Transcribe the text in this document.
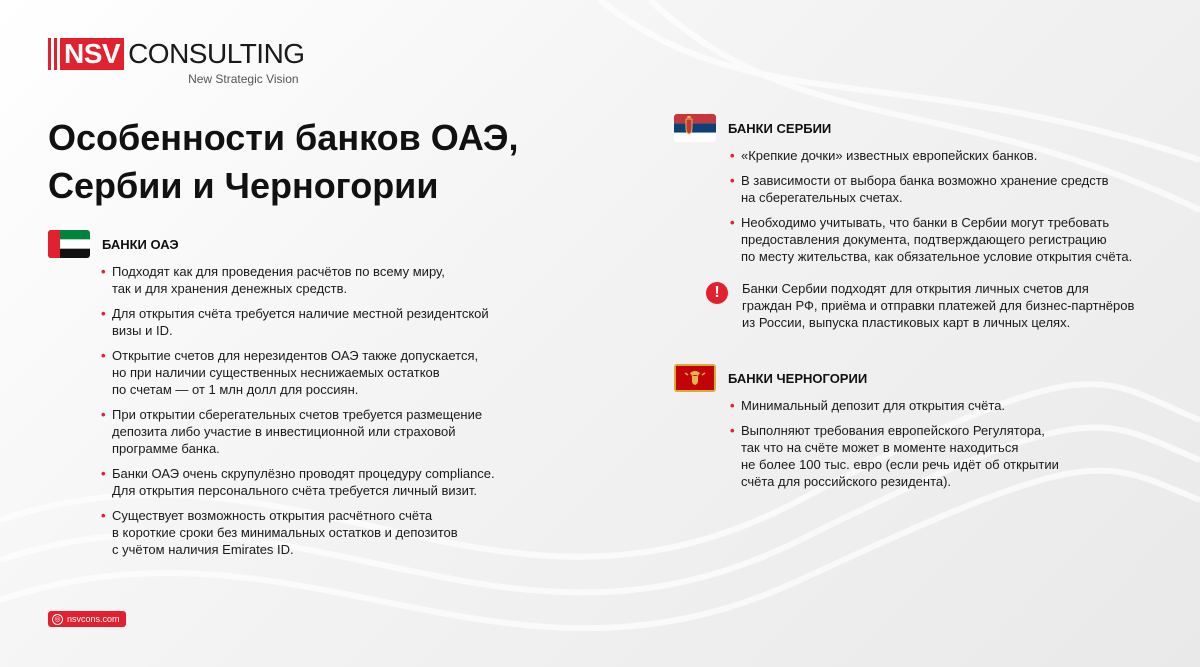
NSV CONSULTING
New Strategic Vision
Особенности банков ОАЭ,
Сербии и Черногории
БАНКИ ОАЭ
• Подходят как для проведения расчётов по всему миру,
так и для хранения денежных средств.
• Для открытия счёта требуется наличие местной резидентской
визы и ID.
• Открытие счетов для нерезидентов ОАЭ также допускается,
но при наличии существенных неснижаемых остатков
по счетам — от 1 млн долл для россиян.
• При открытии сберегательных счетов требуется размещение
депозита либо участие в инвестиционной или страховой
программе банка.
• Банки ОАЭ очень скрупулёзно проводят процедуру compliance.
Для открытия персонального счёта требуется личный визит.
• Существует возможность открытия расчётного счёта
в короткие сроки без минимальных остатков и депозитов
с учётом наличия Emirates ID.
БАНКИ СЕРБИИ
• «Крепкие дочки» известных европейских банков.
• В зависимости от выбора банка возможно хранение средств
на сберегательных счетах.
• Необходимо учитывать, что банки в Сербии могут требовать
предоставления документа, подтверждающего регистрацию
по месту жительства, как обязательное условие открытия счёта.
!	Банки Сербии подходят для открытия личных счетов для
граждан РФ, приёма и отправки платежей для бизнес-партнёров
из России, выпуска пластиковых карт в личных целях.
БАНКИ ЧЕРНОГОРИИ
• Минимальный депозит для открытия счёта.
• Выполняют требования европейского Регулятора,
так что на счёте может в моменте находиться
не более 100 тыс. евро (если речь идёт об открытии
счёта для российского резидента).
◎ nsvcons.com
